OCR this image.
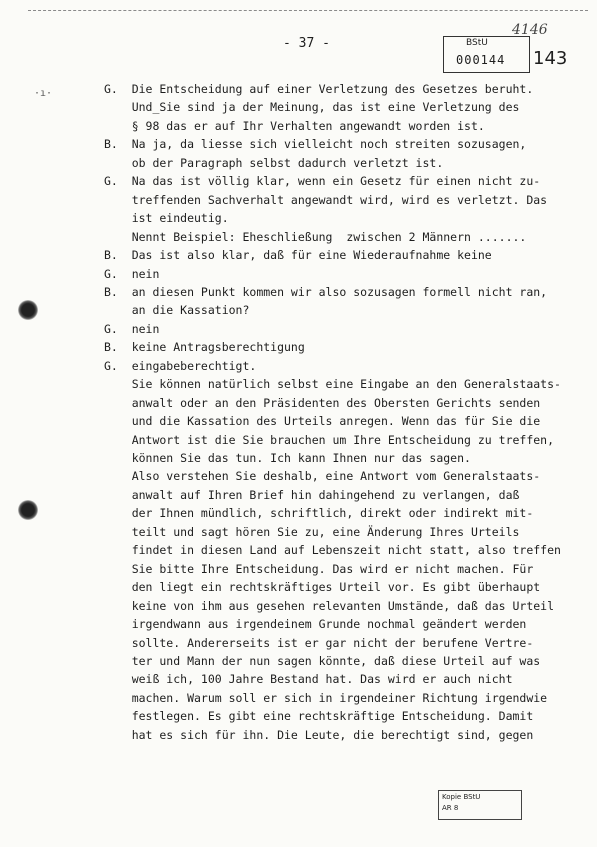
- 37 -
4146
BStU
000144 143
·ı·	G.  Die Entscheidung auf einer Verletzung des Gesetzes beruht.
Und_Sie sind ja der Meinung, das ist eine Verletzung des
§ 98 das er auf Ihr Verhalten angewandt worden ist.
B.  Na ja, da liesse sich vielleicht noch streiten sozusagen,
ob der Paragraph selbst dadurch verletzt ist.
G.  Na das ist völlig klar, wenn ein Gesetz für einen nicht zu-
treffenden Sachverhalt angewandt wird, wird es verletzt. Das
ist eindeutig.
Nennt Beispiel: Eheschließung  zwischen 2 Männern .......
B.  Das ist also klar, daß für eine Wiederaufnahme keine
G.  nein
B.  an diesen Punkt kommen wir also sozusagen formell nicht ran,
an die Kassation?
G.  nein
B.  keine Antragsberechtigung
G.  eingabeberechtigt.
Sie können natürlich selbst eine Eingabe an den Generalstaats-
anwalt oder an den Präsidenten des Obersten Gerichts senden
und die Kassation des Urteils anregen. Wenn das für Sie die
Antwort ist die Sie brauchen um Ihre Entscheidung zu treffen,
können Sie das tun. Ich kann Ihnen nur das sagen.
Also verstehen Sie deshalb, eine Antwort vom Generalstaats-
anwalt auf Ihren Brief hin dahingehend zu verlangen, daß
der Ihnen mündlich, schriftlich, direkt oder indirekt mit-
teilt und sagt hören Sie zu, eine Änderung Ihres Urteils
findet in diesen Land auf Lebenszeit nicht statt, also treffen
Sie bitte Ihre Entscheidung. Das wird er nicht machen. Für
den liegt ein rechtskräftiges Urteil vor. Es gibt überhaupt
keine von ihm aus gesehen relevanten Umstände, daß das Urteil
irgendwann aus irgendeinem Grunde nochmal geändert werden
sollte. Andererseits ist er gar nicht der berufene Vertre-
ter und Mann der nun sagen könnte, daß diese Urteil auf was
weiß ich, 100 Jahre Bestand hat. Das wird er auch nicht
machen. Warum soll er sich in irgendeiner Richtung irgendwie
festlegen. Es gibt eine rechtskräftige Entscheidung. Damit
hat es sich für ihn. Die Leute, die berechtigt sind, gegen
Kopie BStU
AR 8
